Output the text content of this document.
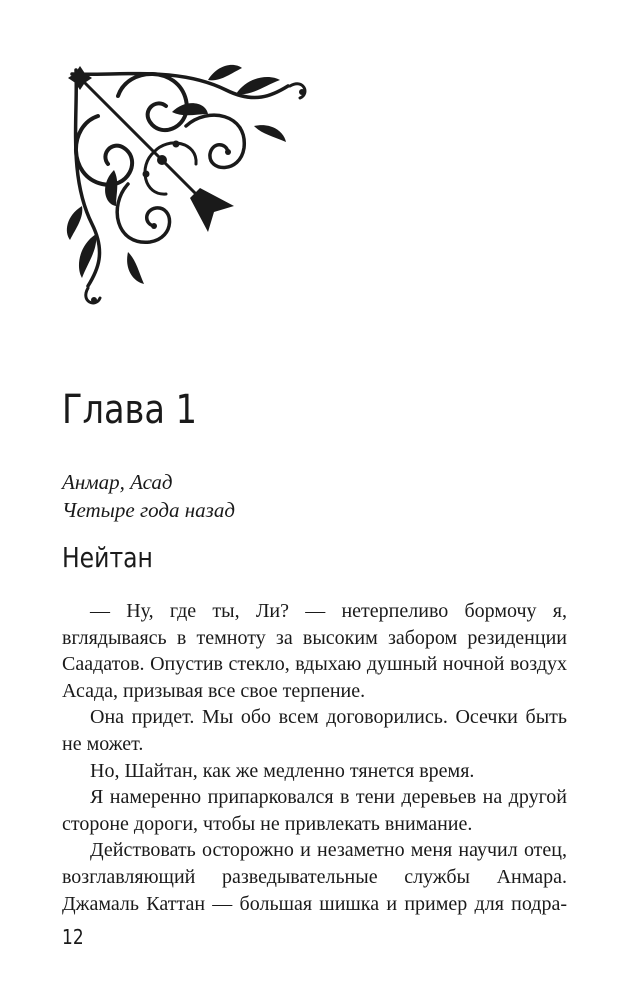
Глава 1
Анмар, Асад
Четыре года назад
Нейтан

— Ну, где ты, Ли? — нетерпеливо бормочу я, вглядываясь в темноту за высоким забором резиденции Саадатов. Опустив стекло, вдыхаю душный ночной воздух Асада, призывая все свое терпение.

Она придет. Мы обо всем договорились. Осечки быть не может.

Но, Шайтан, как же медленно тянется время.

Я намеренно припарковался в тени деревьев на другой стороне дороги, чтобы не привлекать внимание.

Действовать осторожно и незаметно меня научил отец, возглавляющий разведывательные службы Анмара. Джамаль Каттан — большая шишка и пример для подра-

12
